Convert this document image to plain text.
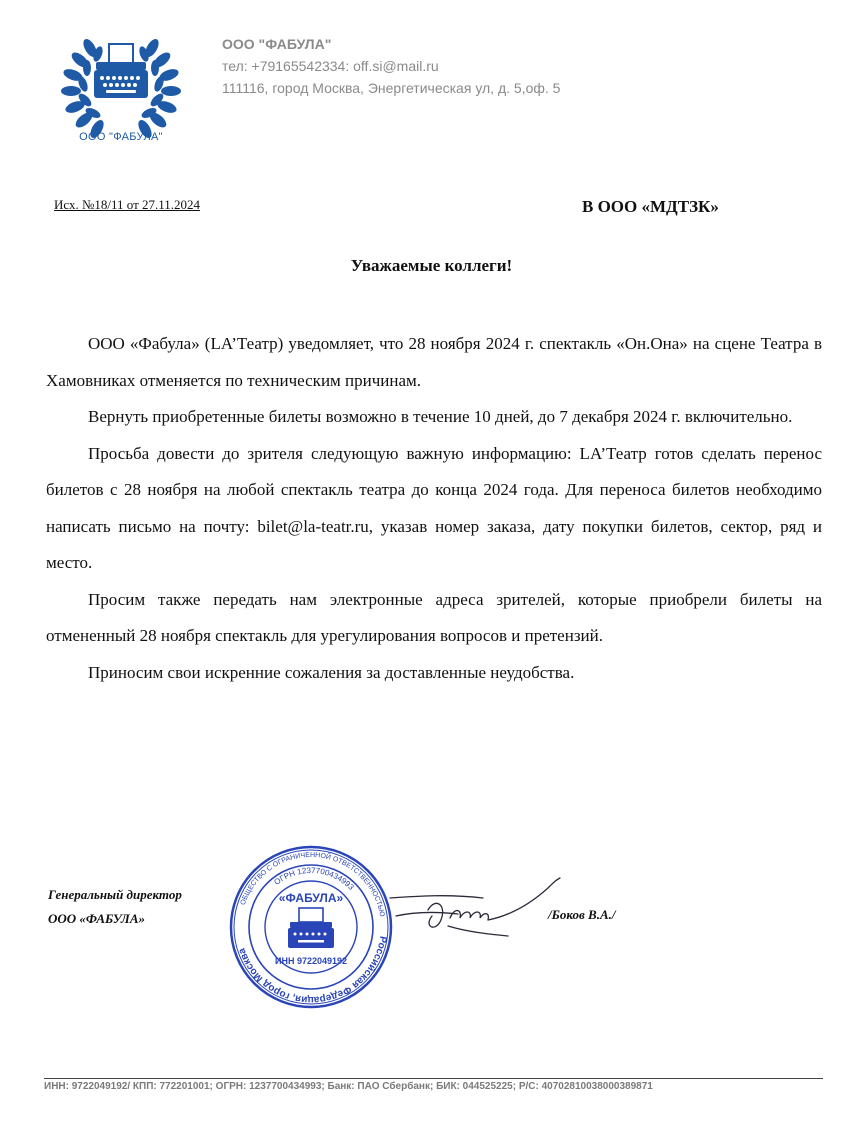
ООО "ФАБУЛА"
ООО "ФАБУЛА"
тел: +79165542334: off.si@mail.ru
111116, город Москва, Энергетическая ул, д. 5,оф. 5
Исх. №18/11 от 27.11.2024	В ООО «МДТЗК»
Уважаемые коллеги!

ООО «Фабула» (LA’Театр) уведомляет, что 28 ноября 2024 г. спектакль «Он.Она» на сцене Театра в Хамовниках отменяется по техническим причинам.

Вернуть приобретенные билеты возможно в течение 10 дней, до 7 декабря 2024 г. включительно.

Просьба довести до зрителя следующую важную информацию: LA’Театр готов сделать перенос билетов с 28 ноября на любой спектакль театра до конца 2024 года. Для переноса билетов необходимо написать письмо на почту: bilet@la-teatr.ru, указав номер заказа, дату покупки билетов, сектор, ряд и место.

Просим также передать нам электронные адреса зрителей, которые приобрели билеты на отмененный 28 ноября спектакль для урегулирования вопросов и претензий.

Приносим свои искренние сожаления за доставленные неудобства.

Генеральный директор
ООО «ФАБУЛА»
Российская Федерация, город Москва
ОБЩЕСТВО С ОГРАНИЧЕННОЙ ОТВЕТСТВЕННОСТЬЮ
ОГРН 1237700434993
«ФАБУЛА»
ИНН 9722049192
/Боков В.А./
ИНН: 9722049192/ КПП: 772201001; ОГРН: 1237700434993; Банк: ПАО Сбербанк; БИК: 044525225; Р/С: 40702810038000389871
